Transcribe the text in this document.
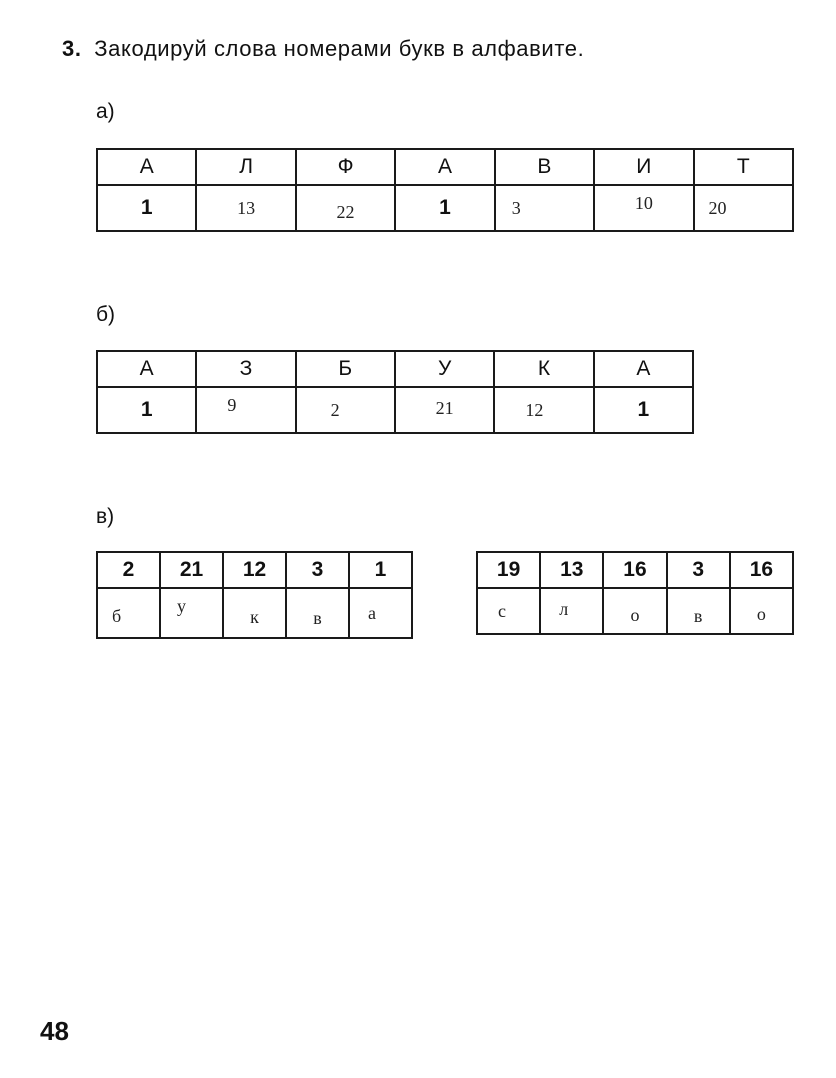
3. Закодируй слова номерами букв в алфавите.
а)
А	Л	Ф	А	В	И	Т
1	13	22	1	3	10	20
б)
А	З	Б	У	К	А
1	9	2	21	12	1
в)
2	21	12	3	1
б	у	к	в	а
19	13	16	3	16
с	л	о	в	о
48
